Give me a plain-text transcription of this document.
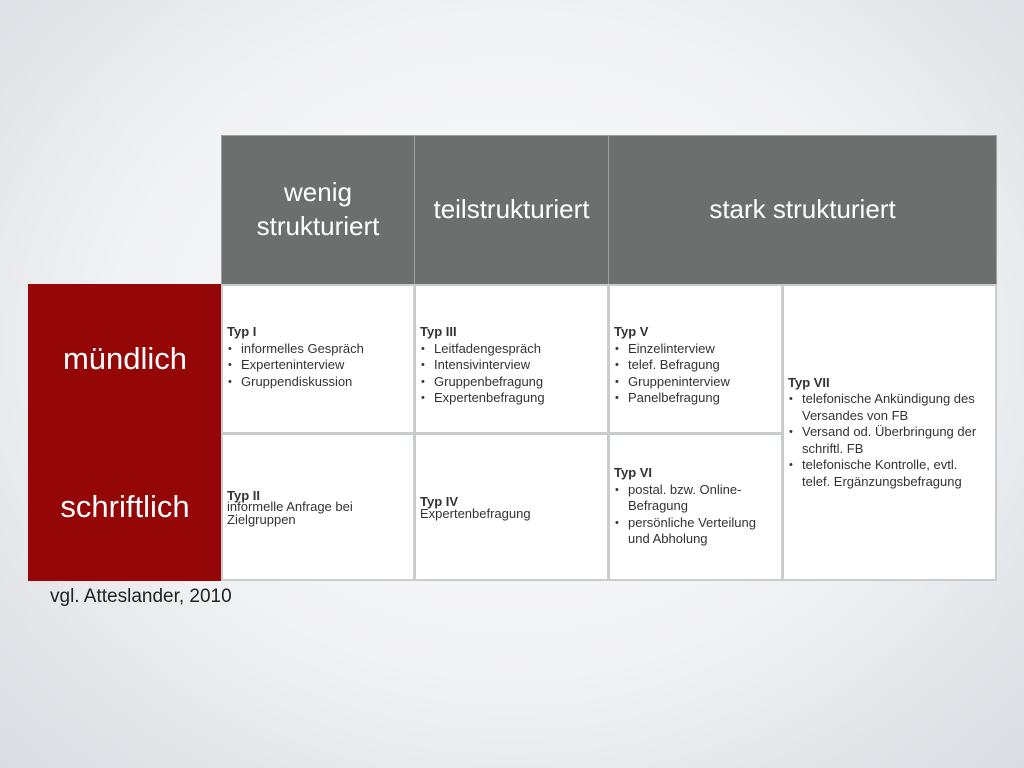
wenig strukturiert
teilstrukturiert	stark strukturiert
mündlich
schriftlich
Typ I
• informelles Gespräch
• Experteninterview
• Gruppendiskussion
Typ III
• Leitfadengespräch
• Intensivinterview
• Gruppenbefragung
• Expertenbefragung
Typ V
• Einzelinterview
• telef. Befragung
• Gruppeninterview
• Panelbefragung
Typ VII
• telefonische Ankündigung des Versandes von FB
• Versand od. Überbringung der schriftl. FB
• telefonische Kontrolle, evtl. telef. Ergänzungsbefragung
Typ II
informelle Anfrage bei Zielgruppen
Typ IV
Expertenbefragung
Typ VI
• postal. bzw. Online-Befragung
• persönliche Verteilung und Abholung
vgl. Atteslander, 2010
